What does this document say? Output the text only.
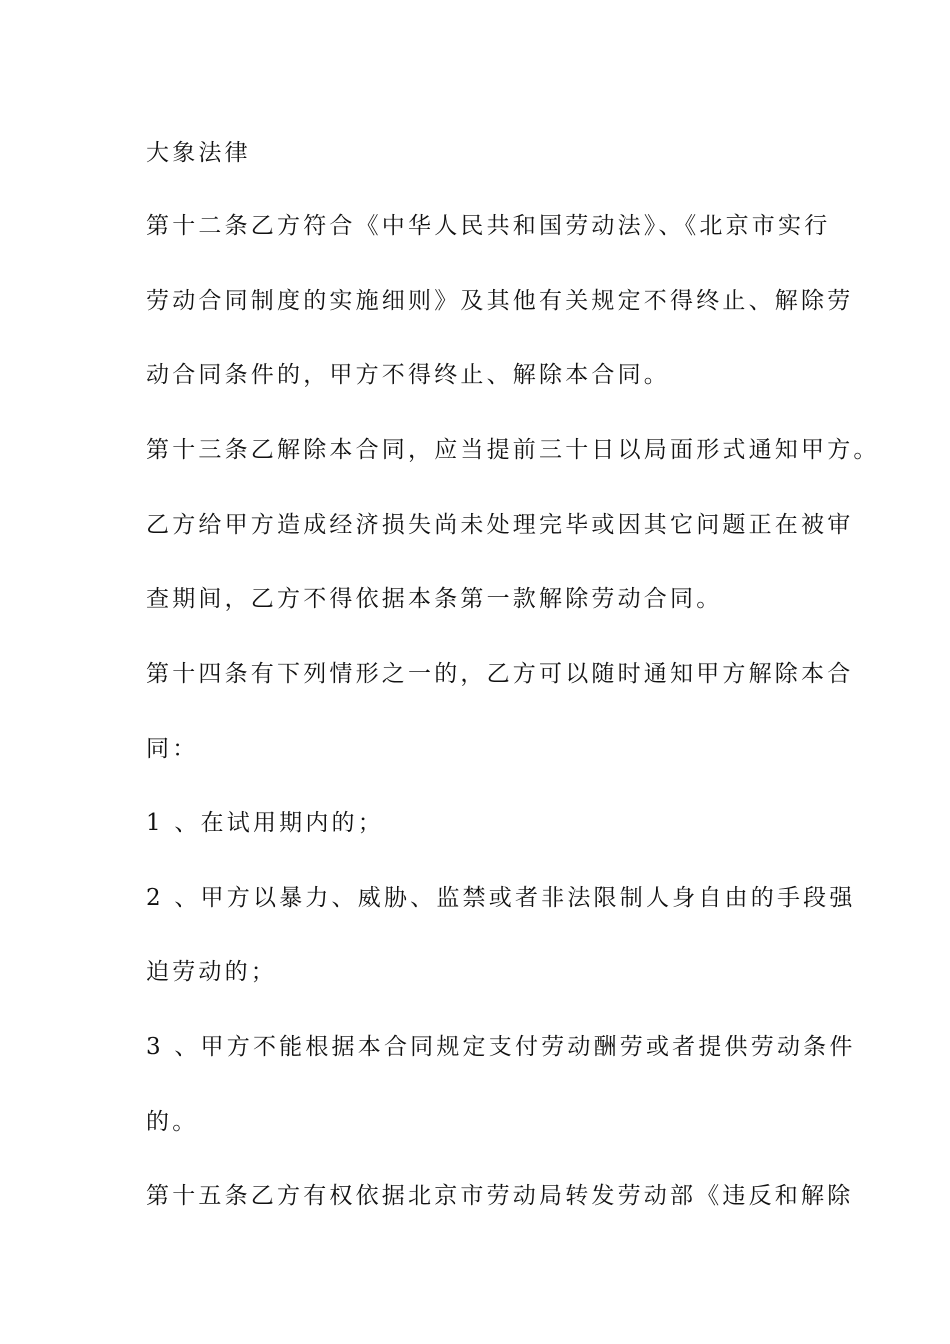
大象法律
第十二条乙方符合《中华人民共和国劳动法》、《北京市实行
劳动合同制度的实施细则》及其他有关规定不得终止、解除劳
动合同条件的，甲方不得终止、解除本合同。
第十三条乙解除本合同，应当提前三十日以局面形式通知甲方。
乙方给甲方造成经济损失尚未处理完毕或因其它问题正在被审
查期间，乙方不得依据本条第一款解除劳动合同。
第十四条有下列情形之一的，乙方可以随时通知甲方解除本合
同：
1 、在试用期内的；
2 、甲方以暴力、威胁、监禁或者非法限制人身自由的手段强
迫劳动的；
3 、甲方不能根据本合同规定支付劳动酬劳或者提供劳动条件
的。
第十五条乙方有权依据北京市劳动局转发劳动部《违反和解除
